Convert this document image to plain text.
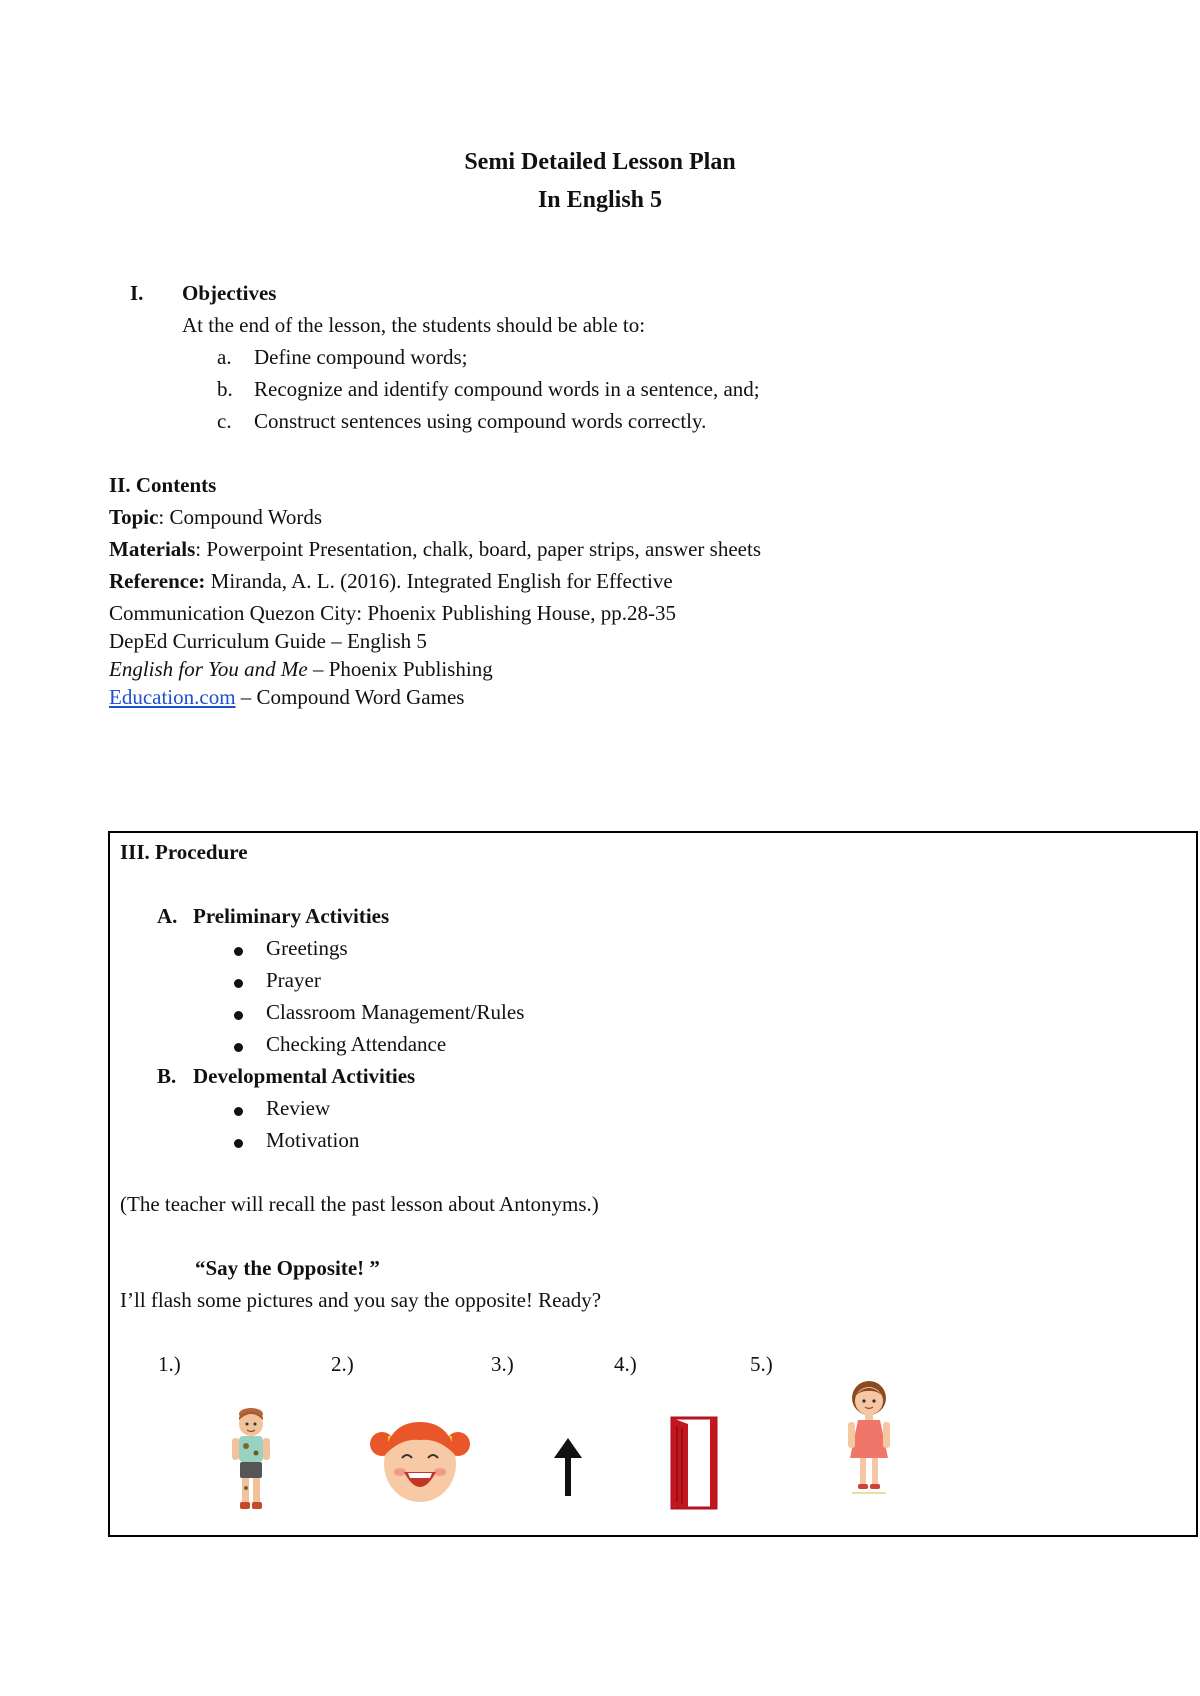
Semi Detailed Lesson Plan
In English 5
I. Objectives
At the end of the lesson, the students should be able to:
a. Define compound words;
b. Recognize and identify compound words in a sentence, and;
c. Construct sentences using compound words correctly.
II. Contents
Topic: Compound Words
Materials: Powerpoint Presentation, chalk, board, paper strips, answer sheets
Reference: Miranda, A. L. (2016). Integrated English for Effective
Communication Quezon City: Phoenix Publishing House, pp.28-35
DepEd Curriculum Guide – English 5
English for You and Me – Phoenix Publishing
Education.com – Compound Word Games
III. Procedure
A. Preliminary Activities
Greetings
Prayer
Classroom Management/Rules
Checking Attendance
B. Developmental Activities
Review
Motivation
(The teacher will recall the past lesson about Antonyms.)
“Say the Opposite! ”
I’ll flash some pictures and you say the opposite! Ready?
1.)	2.)	3.)	4.)	5.)
